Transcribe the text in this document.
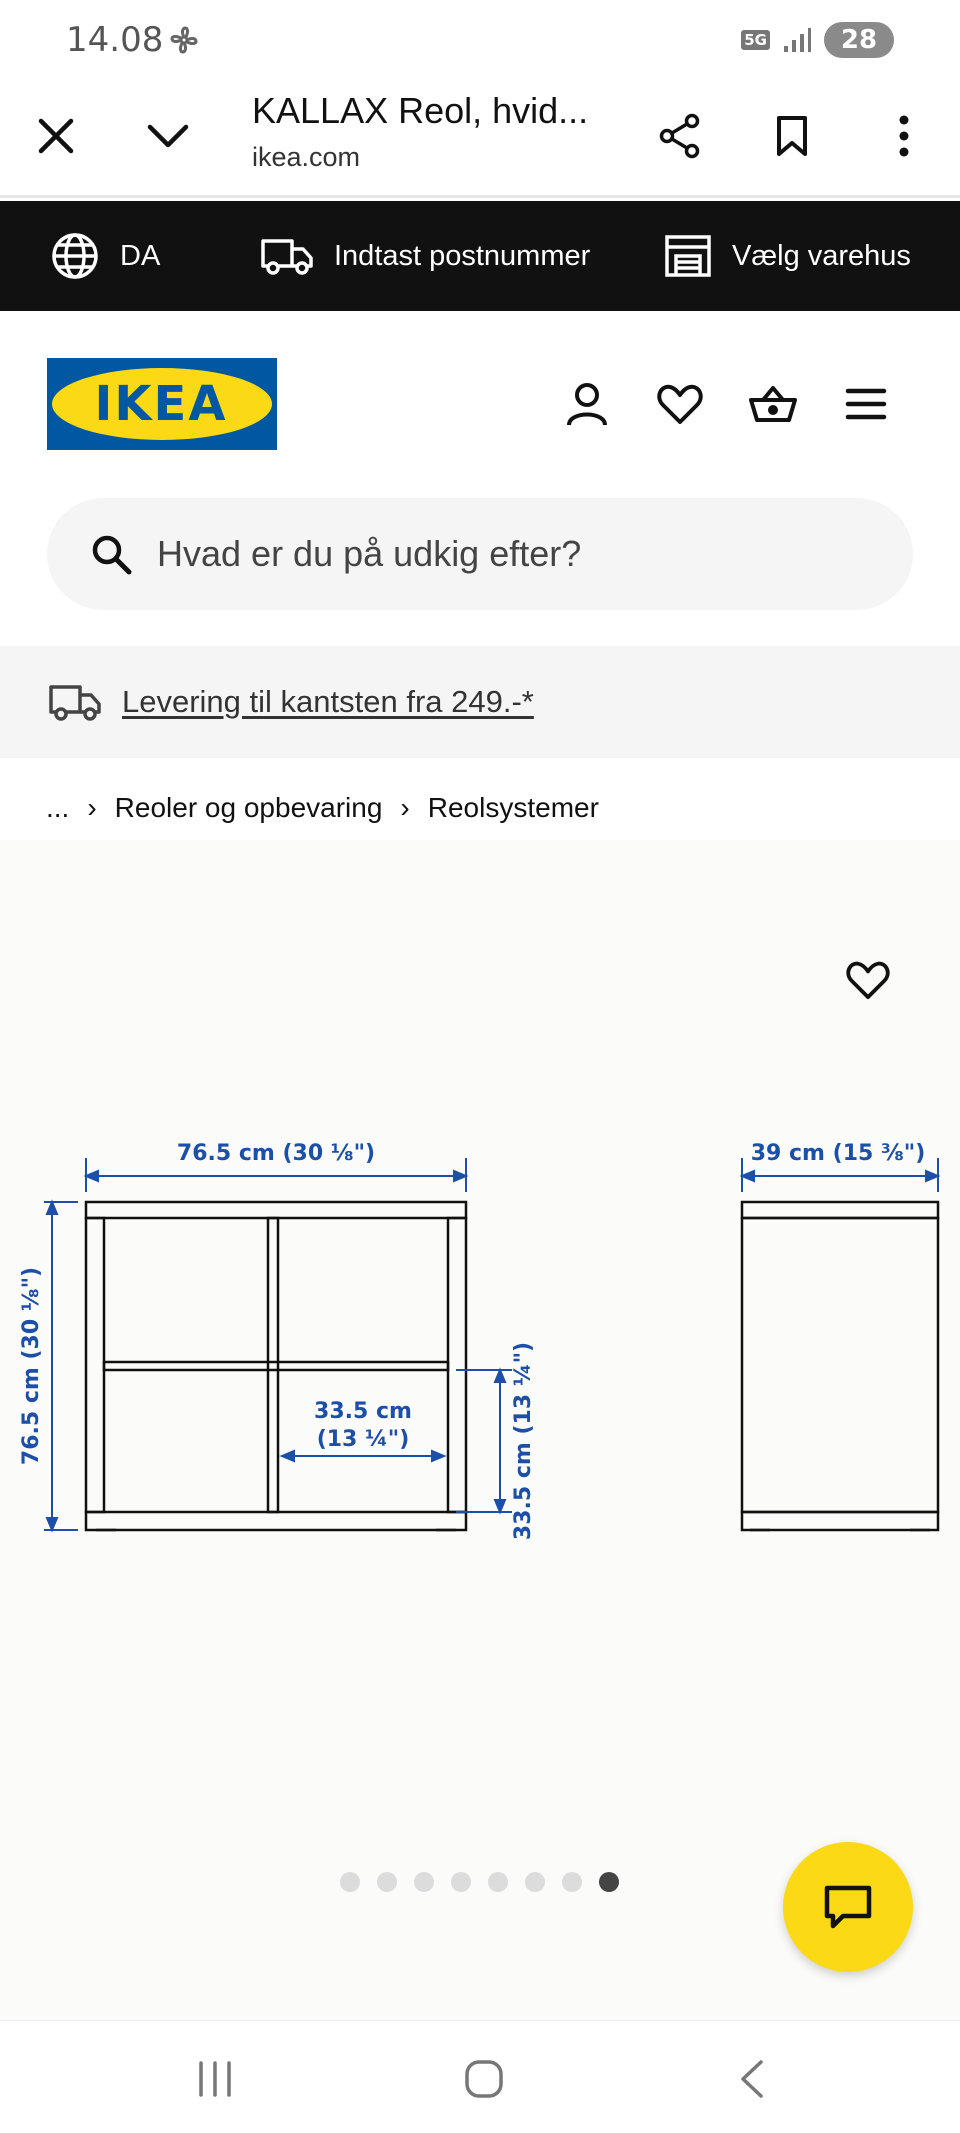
14.08	5G	28
KALLAX Reol, hvid...
ikea.com
DA	Indtast postnummer	Vælg varehus
IKEA
Hvad er du på udkig efter?
Levering til kantsten fra 249.-*
... › Reoler og opbevaring › Reolsystemer
76.5 cm (30 ⅛")
76.5 cm (30 ⅛")
39 cm (15 ⅜")
33.5 cm
(13 ¼")	33.5 cm (13 ¼")
